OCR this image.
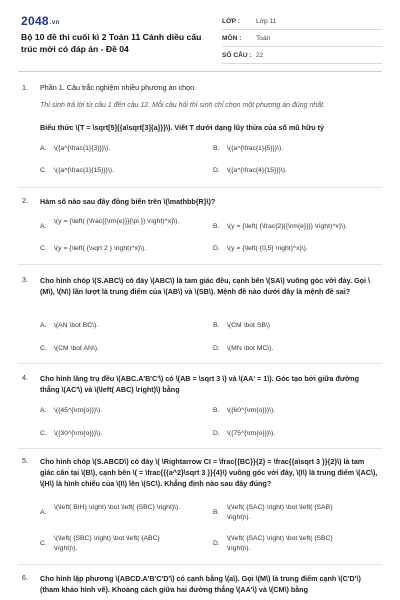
2048.vn
Bộ 10 đề thi cuối kì 2 Toán 11 Cánh diều cấu trúc mới có đáp án - Đề 04
LỚP :	Lớp 11
MÔN :	Toán
SỐ CÂU : 22
1. Phần 1. Câu trắc nghiệm nhiều phương án chọn.
Thí sinh trả lời từ câu 1 đến câu 12. Mỗi câu hỏi thí sinh chỉ chọn một phương án đúng nhất.
Biểu thức \(T = \sqrt[5]{{a\sqrt[3]{a}}}\). Viết T dưới dạng lũy thừa của số mũ hữu tỷ
A. \({a^{\frac{1}{3}}}\).	B. \({a^{\frac{1}{5}}}\).
C. \({a^{\frac{1}{15}}}\).	D. \({a^{\frac{4}{15}}}\).
2. Hàm số nào sau đây đồng biến trên \(\mathbb{R}\)?
A.
\(y = {\left( {\frac{{\rm{e}}}{\pi }} \right)^x}\).
B. \(y = {\left( {\frac{2}{{\rm{e}}}} \right)^x}\).
C. \(y = {\left( {\sqrt 2 } \right)^x}\).	D. \(y = {\left( {0,5} \right)^x}\).
3. Cho hình chóp \(S.ABC\) có đáy \(ABC\) là tam giác đều, cạnh bên \(SA\) vuông góc với đáy. Gọi \(M\), \(N\) lần lượt là trung điểm của \(AB\) và \(SB\). Mệnh đề nào dưới đây là mệnh đề sai?
A. \(AN \bot BC\).	B. \(CM \bot SB\)
C. \(CM \bot AN\).	D. \(MN \bot MC\).
4. Cho hình lăng trụ đều \(ABC.A'B'C'\) có \(AB = \sqrt 3 \) và \(AA' = 1\). Góc tạo bởi giữa đường thẳng \(AC'\) và \(\left( ABC) \right)\) bằng
A. \({45^{\rm{o}}}\).	B. \({60^{\rm{o}}}\).
C. \({30^{\rm{o}}}\).	D. \({75^{\rm{o}}}\).
5. Cho hình chóp \(S.ABCD\) có đáy \( \Rightarrow CI = \frac{{BC}}{2} = \frac{{a\sqrt 3 }}{2}\) là tam giác cân tại \(B\), cạnh bên \( = \frac{{{a^2}\sqrt 3 }}{4}\) vuông góc với đáy, \(I\) là trung điểm \(AC\), \(H\) là hình chiếu của \(I\) lên \(SC\). Khẳng định nào sau đây đúng?
A.
\(\left( BIH) \right) \bot \left( {SBC} \right)\).
B.
\(\left( {SAC} \right) \bot \left( {SAB} \right)\).
C.
\(\left( {SBC} \right) \bot \left( {ABC} \right)\).
D.
\(\left( {SAC} \right) \bot \left( {SBC} \right)\).
6. Cho hình lập phương \(ABCD.A'B'C'D'\) có cạnh bằng \(a\). Gọi \(M\) là trung điểm cạnh \(C'D'\) (tham khảo hình vẽ). Khoảng cách giữa hai đường thẳng \(AA'\) và \(CM\) bằng
